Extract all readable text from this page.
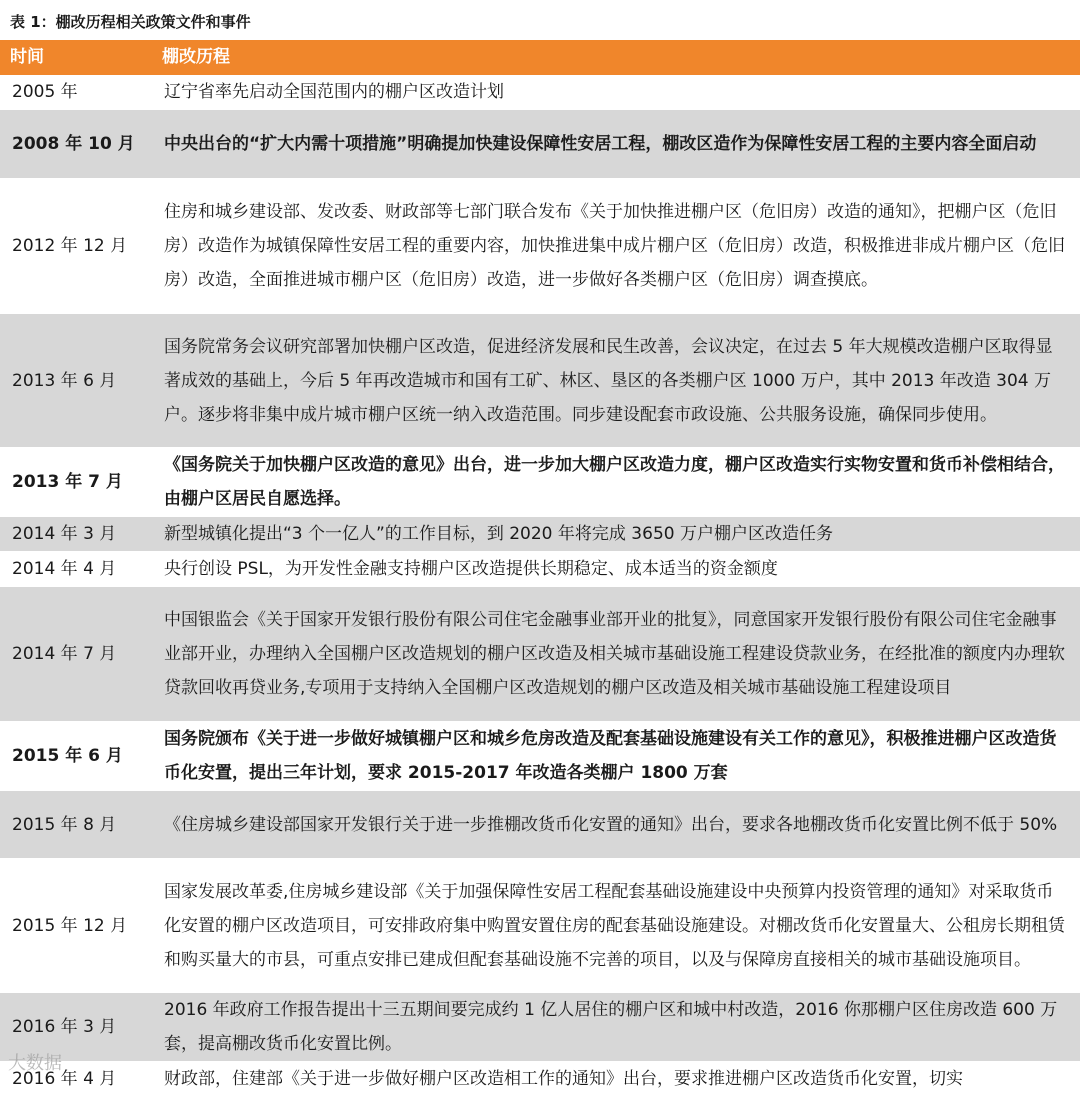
表 1：棚改历程相关政策文件和事件
时间	棚改历程
2005 年	辽宁省率先启动全国范围内的棚户区改造计划
2008 年 10 月	中央出台的“扩大内需十项措施”明确提加快建设保障性安居工程，棚改区造作为保障性安居工程的主要内容全面启动
2012 年 12 月	住房和城乡建设部、发改委、财政部等七部门联合发布《关于加快推进棚户区（危旧房）改造的通知》，把棚户区（危旧房）改造作为城镇保障性安居工程的重要内容，加快推进集中成片棚户区（危旧房）改造，积极推进非成片棚户区（危旧房）改造，全面推进城市棚户区（危旧房）改造，进一步做好各类棚户区（危旧房）调查摸底。
2013 年 6 月	国务院常务会议研究部署加快棚户区改造，促进经济发展和民生改善，会议决定，在过去 5 年大规模改造棚户区取得显著成效的基础上，今后 5 年再改造城市和国有工矿、林区、垦区的各类棚户区 1000 万户，其中 2013 年改造 304 万户。逐步将非集中成片城市棚户区统一纳入改造范围。同步建设配套市政设施、公共服务设施，确保同步使用。
2013 年 7 月	《国务院关于加快棚户区改造的意见》出台，进一步加大棚户区改造力度，棚户区改造实行实物安置和货币补偿相结合，由棚户区居民自愿选择。
2014 年 3 月	新型城镇化提出“3 个一亿人”的工作目标，到 2020 年将完成 3650 万户棚户区改造任务
2014 年 4 月	央行创设 PSL，为开发性金融支持棚户区改造提供长期稳定、成本适当的资金额度
2014 年 7 月	中国银监会《关于国家开发银行股份有限公司住宅金融事业部开业的批复》，同意国家开发银行股份有限公司住宅金融事业部开业，办理纳入全国棚户区改造规划的棚户区改造及相关城市基础设施工程建设贷款业务，在经批准的额度内办理软贷款回收再贷业务,专项用于支持纳入全国棚户区改造规划的棚户区改造及相关城市基础设施工程建设项目
2015 年 6 月	国务院颁布《关于进一步做好城镇棚户区和城乡危房改造及配套基础设施建设有关工作的意见》，积极推进棚户区改造货币化安置，提出三年计划，要求 2015-2017 年改造各类棚户 1800 万套
2015 年 8 月	《住房城乡建设部国家开发银行关于进一步推棚改货币化安置的通知》出台，要求各地棚改货币化安置比例不低于 50%
2015 年 12 月	国家发展改革委,住房城乡建设部《关于加强保障性安居工程配套基础设施建设中央预算内投资管理的通知》对采取货币化安置的棚户区改造项目，可安排政府集中购置安置住房的配套基础设施建设。对棚改货币化安置量大、公租房长期租赁和购买量大的市县，可重点安排已建成但配套基础设施不完善的项目，以及与保障房直接相关的城市基础设施项目。
2016 年 3 月	2016 年政府工作报告提出十三五期间要完成约 1 亿人居住的棚户区和城中村改造，2016 你那棚户区住房改造 600 万套，提高棚改货币化安置比例。
2016 年 4 月	财政部，住建部《关于进一步做好棚户区改造相工作的通知》出台，要求推进棚户区改造货币化安置，切实
大数据
